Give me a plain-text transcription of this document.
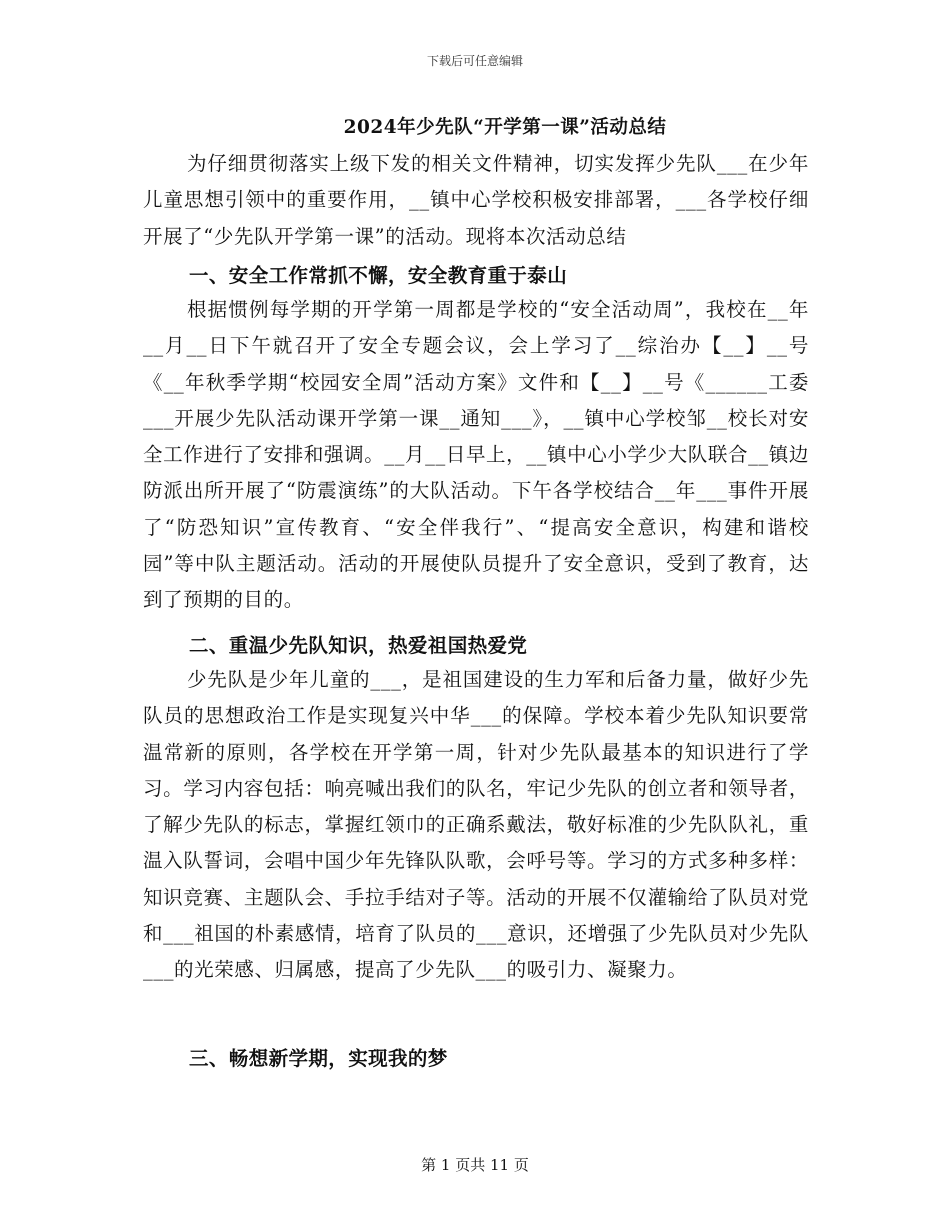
下载后可任意编辑
2024年少先队“开学第一课”活动总结

为仔细贯彻落实上级下发的相关文件精神，切实发挥少先队___在少年儿童思想引领中的重要作用，__镇中心学校积极安排部署，___各学校仔细开展了“少先队开学第一课”的活动。现将本次活动总结

一、安全工作常抓不懈，安全教育重于泰山

根据惯例每学期的开学第一周都是学校的“安全活动周”，我校在__年__月__日下午就召开了安全专题会议，会上学习了__综治办【__】__号《__年秋季学期“校园安全周”活动方案》文件和【__】__号《______工委___开展少先队活动课开学第一课__通知___》，__镇中心学校邹__校长对安全工作进行了安排和强调。__月__日早上，__镇中心小学少大队联合__镇边防派出所开展了“防震演练”的大队活动。下午各学校结合__年___事件开展了“防恐知识”宣传教育、“安全伴我行”、“提高安全意识，构建和谐校园”等中队主题活动。活动的开展使队员提升了安全意识，受到了教育，达到了预期的目的。

二、重温少先队知识，热爱祖国热爱党

少先队是少年儿童的___，是祖国建设的生力军和后备力量，做好少先队员的思想政治工作是实现复兴中华___的保障。学校本着少先队知识要常温常新的原则，各学校在开学第一周，针对少先队最基本的知识进行了学习。学习内容包括：响亮喊出我们的队名，牢记少先队的创立者和领导者，了解少先队的标志，掌握红领巾的正确系戴法，敬好标准的少先队队礼，重温入队誓词，会唱中国少年先锋队队歌，会呼号等。学习的方式多种多样：知识竞赛、主题队会、手拉手结对子等。活动的开展不仅灌输给了队员对党和___祖国的朴素感情，培育了队员的___意识，还增强了少先队员对少先队___的光荣感、归属感，提高了少先队___的吸引力、凝聚力。

三、畅想新学期，实现我的梦
第 1 页共 11 页
